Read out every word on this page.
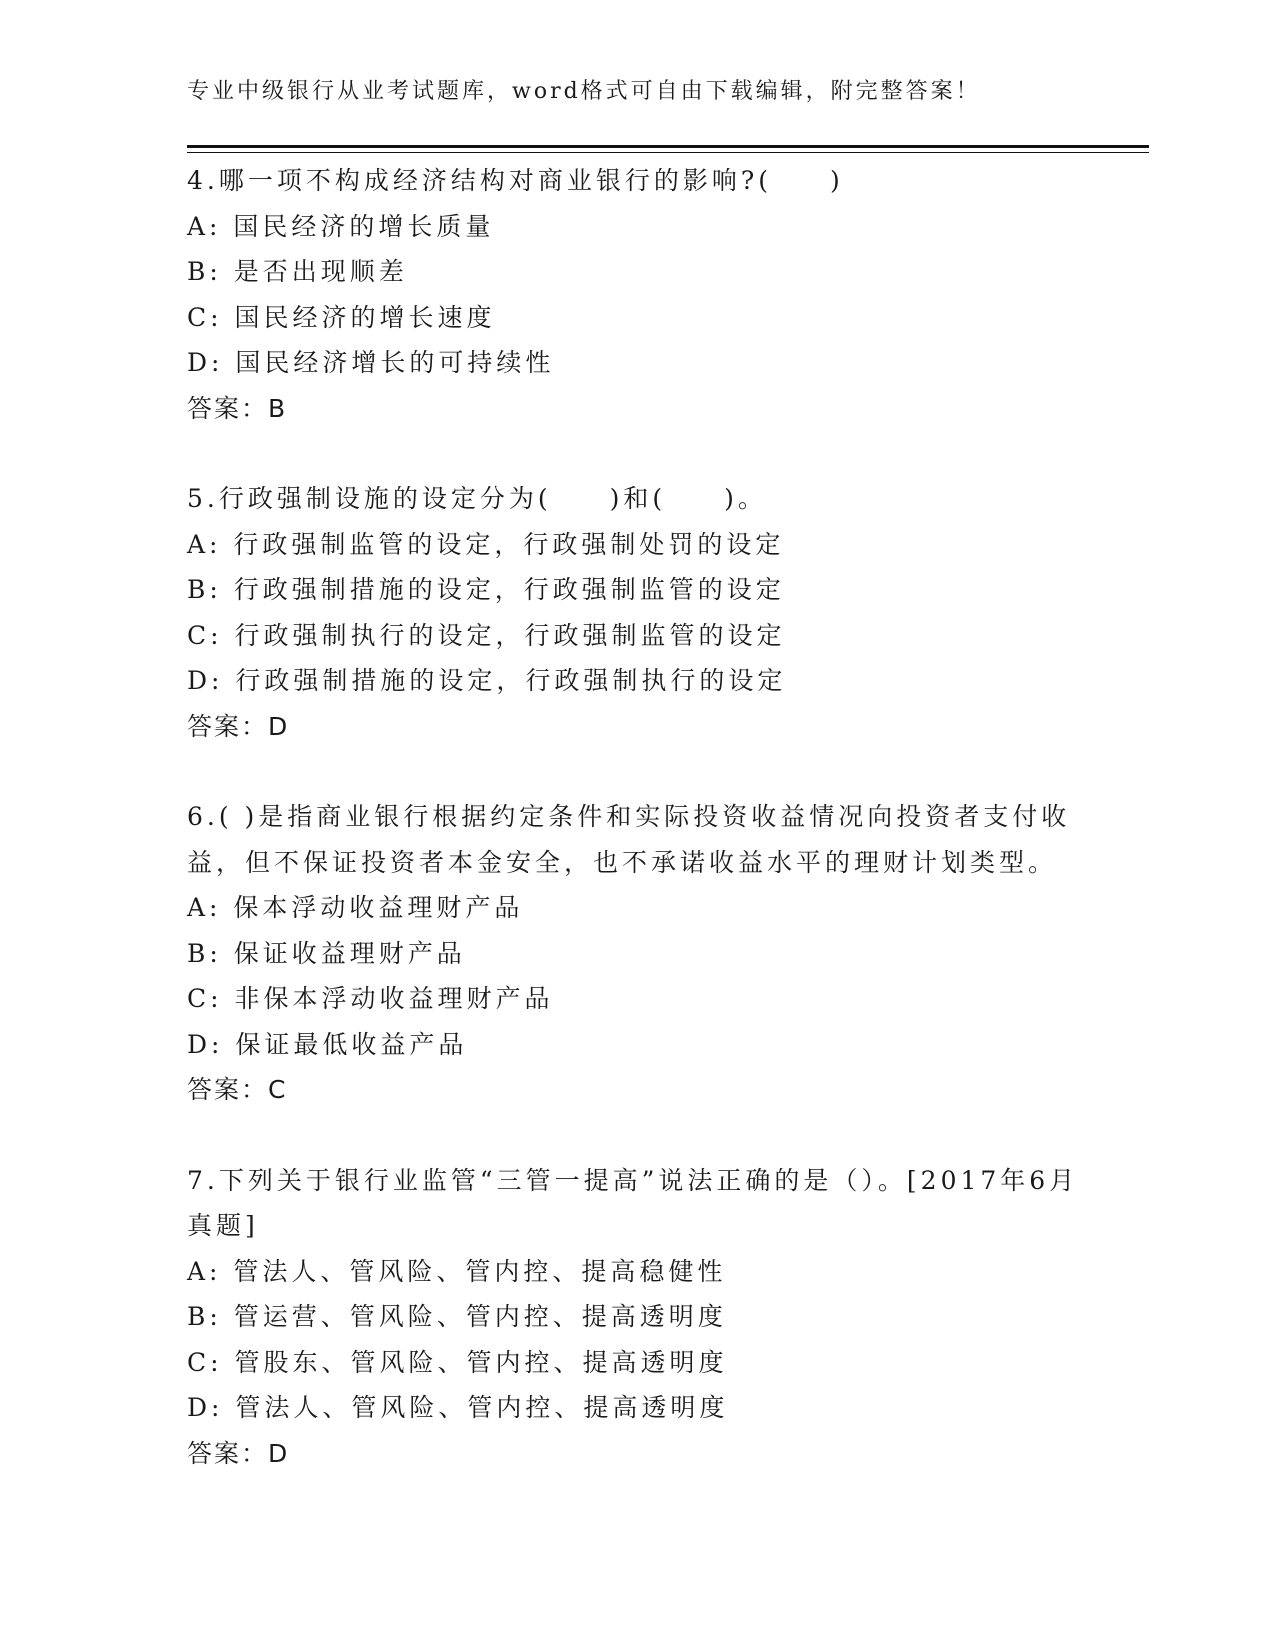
专业中级银行从业考试题库，word格式可自由下载编辑，附完整答案！
4.哪一项不构成经济结构对商业银行的影响?(　　)
A: 国民经济的增长质量
B: 是否出现顺差
C: 国民经济的增长速度
D: 国民经济增长的可持续性
答案：B
5.行政强制设施的设定分为(　　)和(　　)。
A: 行政强制监管的设定，行政强制处罚的设定
B: 行政强制措施的设定，行政强制监管的设定
C: 行政强制执行的设定，行政强制监管的设定
D: 行政强制措施的设定，行政强制执行的设定
答案：D
6.( )是指商业银行根据约定条件和实际投资收益情况向投资者支付收益，但不保证投资者本金安全，也不承诺收益水平的理财计划类型。
A: 保本浮动收益理财产品
B: 保证收益理财产品
C: 非保本浮动收益理财产品
D: 保证最低收益产品
答案：C
7.下列关于银行业监管“三管一提高”说法正确的是（）。[2017年6月真题]
A: 管法人、管风险、管内控、提高稳健性
B: 管运营、管风险、管内控、提高透明度
C: 管股东、管风险、管内控、提高透明度
D: 管法人、管风险、管内控、提高透明度
答案：D
